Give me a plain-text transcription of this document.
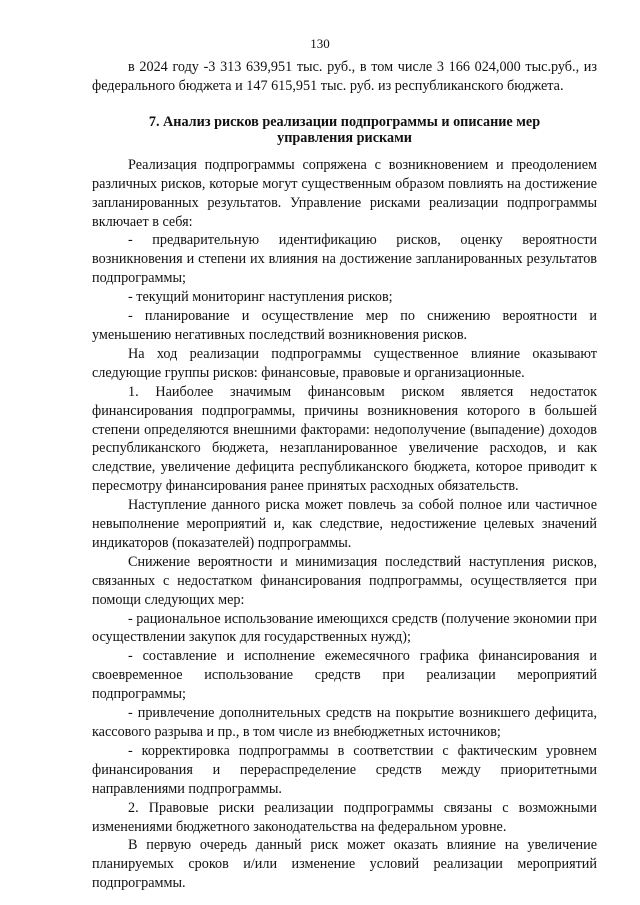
130

в 2024 году -3 313 639,951 тыс. руб., в том числе 3 166 024,000 тыс.руб., из федерального бюджета и 147 615,951 тыс. руб. из республиканского бюджета.

7. Анализ рисков реализации подпрограммы и описание мер управления рисками

Реализация подпрограммы сопряжена с возникновением и преодолением различных рисков, которые могут существенным образом повлиять на достижение запланированных результатов. Управление рисками реализации подпрограммы включает в себя:

- предварительную идентификацию рисков, оценку вероятности возникновения и степени их влияния на достижение запланированных результатов подпрограммы;

- текущий мониторинг наступления рисков;

- планирование и осуществление мер по снижению вероятности и уменьшению негативных последствий возникновения рисков.

На ход реализации подпрограммы существенное влияние оказывают следующие группы рисков: финансовые, правовые и организационные.

1. Наиболее значимым финансовым риском является недостаток финансирования подпрограммы, причины возникновения которого в большей степени определяются внешними факторами: недополучение (выпадение) доходов республиканского бюджета, незапланированное увеличение расходов, и как следствие, увеличение дефицита республиканского бюджета, которое приводит к пересмотру финансирования ранее принятых расходных обязательств.

Наступление данного риска может повлечь за собой полное или частичное невыполнение мероприятий и, как следствие, недостижение целевых значений индикаторов (показателей) подпрограммы.

Снижение вероятности и минимизация последствий наступления рисков, связанных с недостатком финансирования подпрограммы, осуществляется при помощи следующих мер:

- рациональное использование имеющихся средств (получение экономии при осуществлении закупок для государственных нужд);

- составление и исполнение ежемесячного графика финансирования и своевременное использование средств при реализации мероприятий подпрограммы;

- привлечение дополнительных средств на покрытие возникшего дефицита, кассового разрыва и пр., в том числе из внебюджетных источников;

- корректировка подпрограммы в соответствии с фактическим уровнем финансирования и перераспределение средств между приоритетными направлениями подпрограммы.

2. Правовые риски реализации подпрограммы связаны с возможными изменениями бюджетного законодательства на федеральном уровне.

В первую очередь данный риск может оказать влияние на увеличение планируемых сроков и/или изменение условий реализации мероприятий подпрограммы.
